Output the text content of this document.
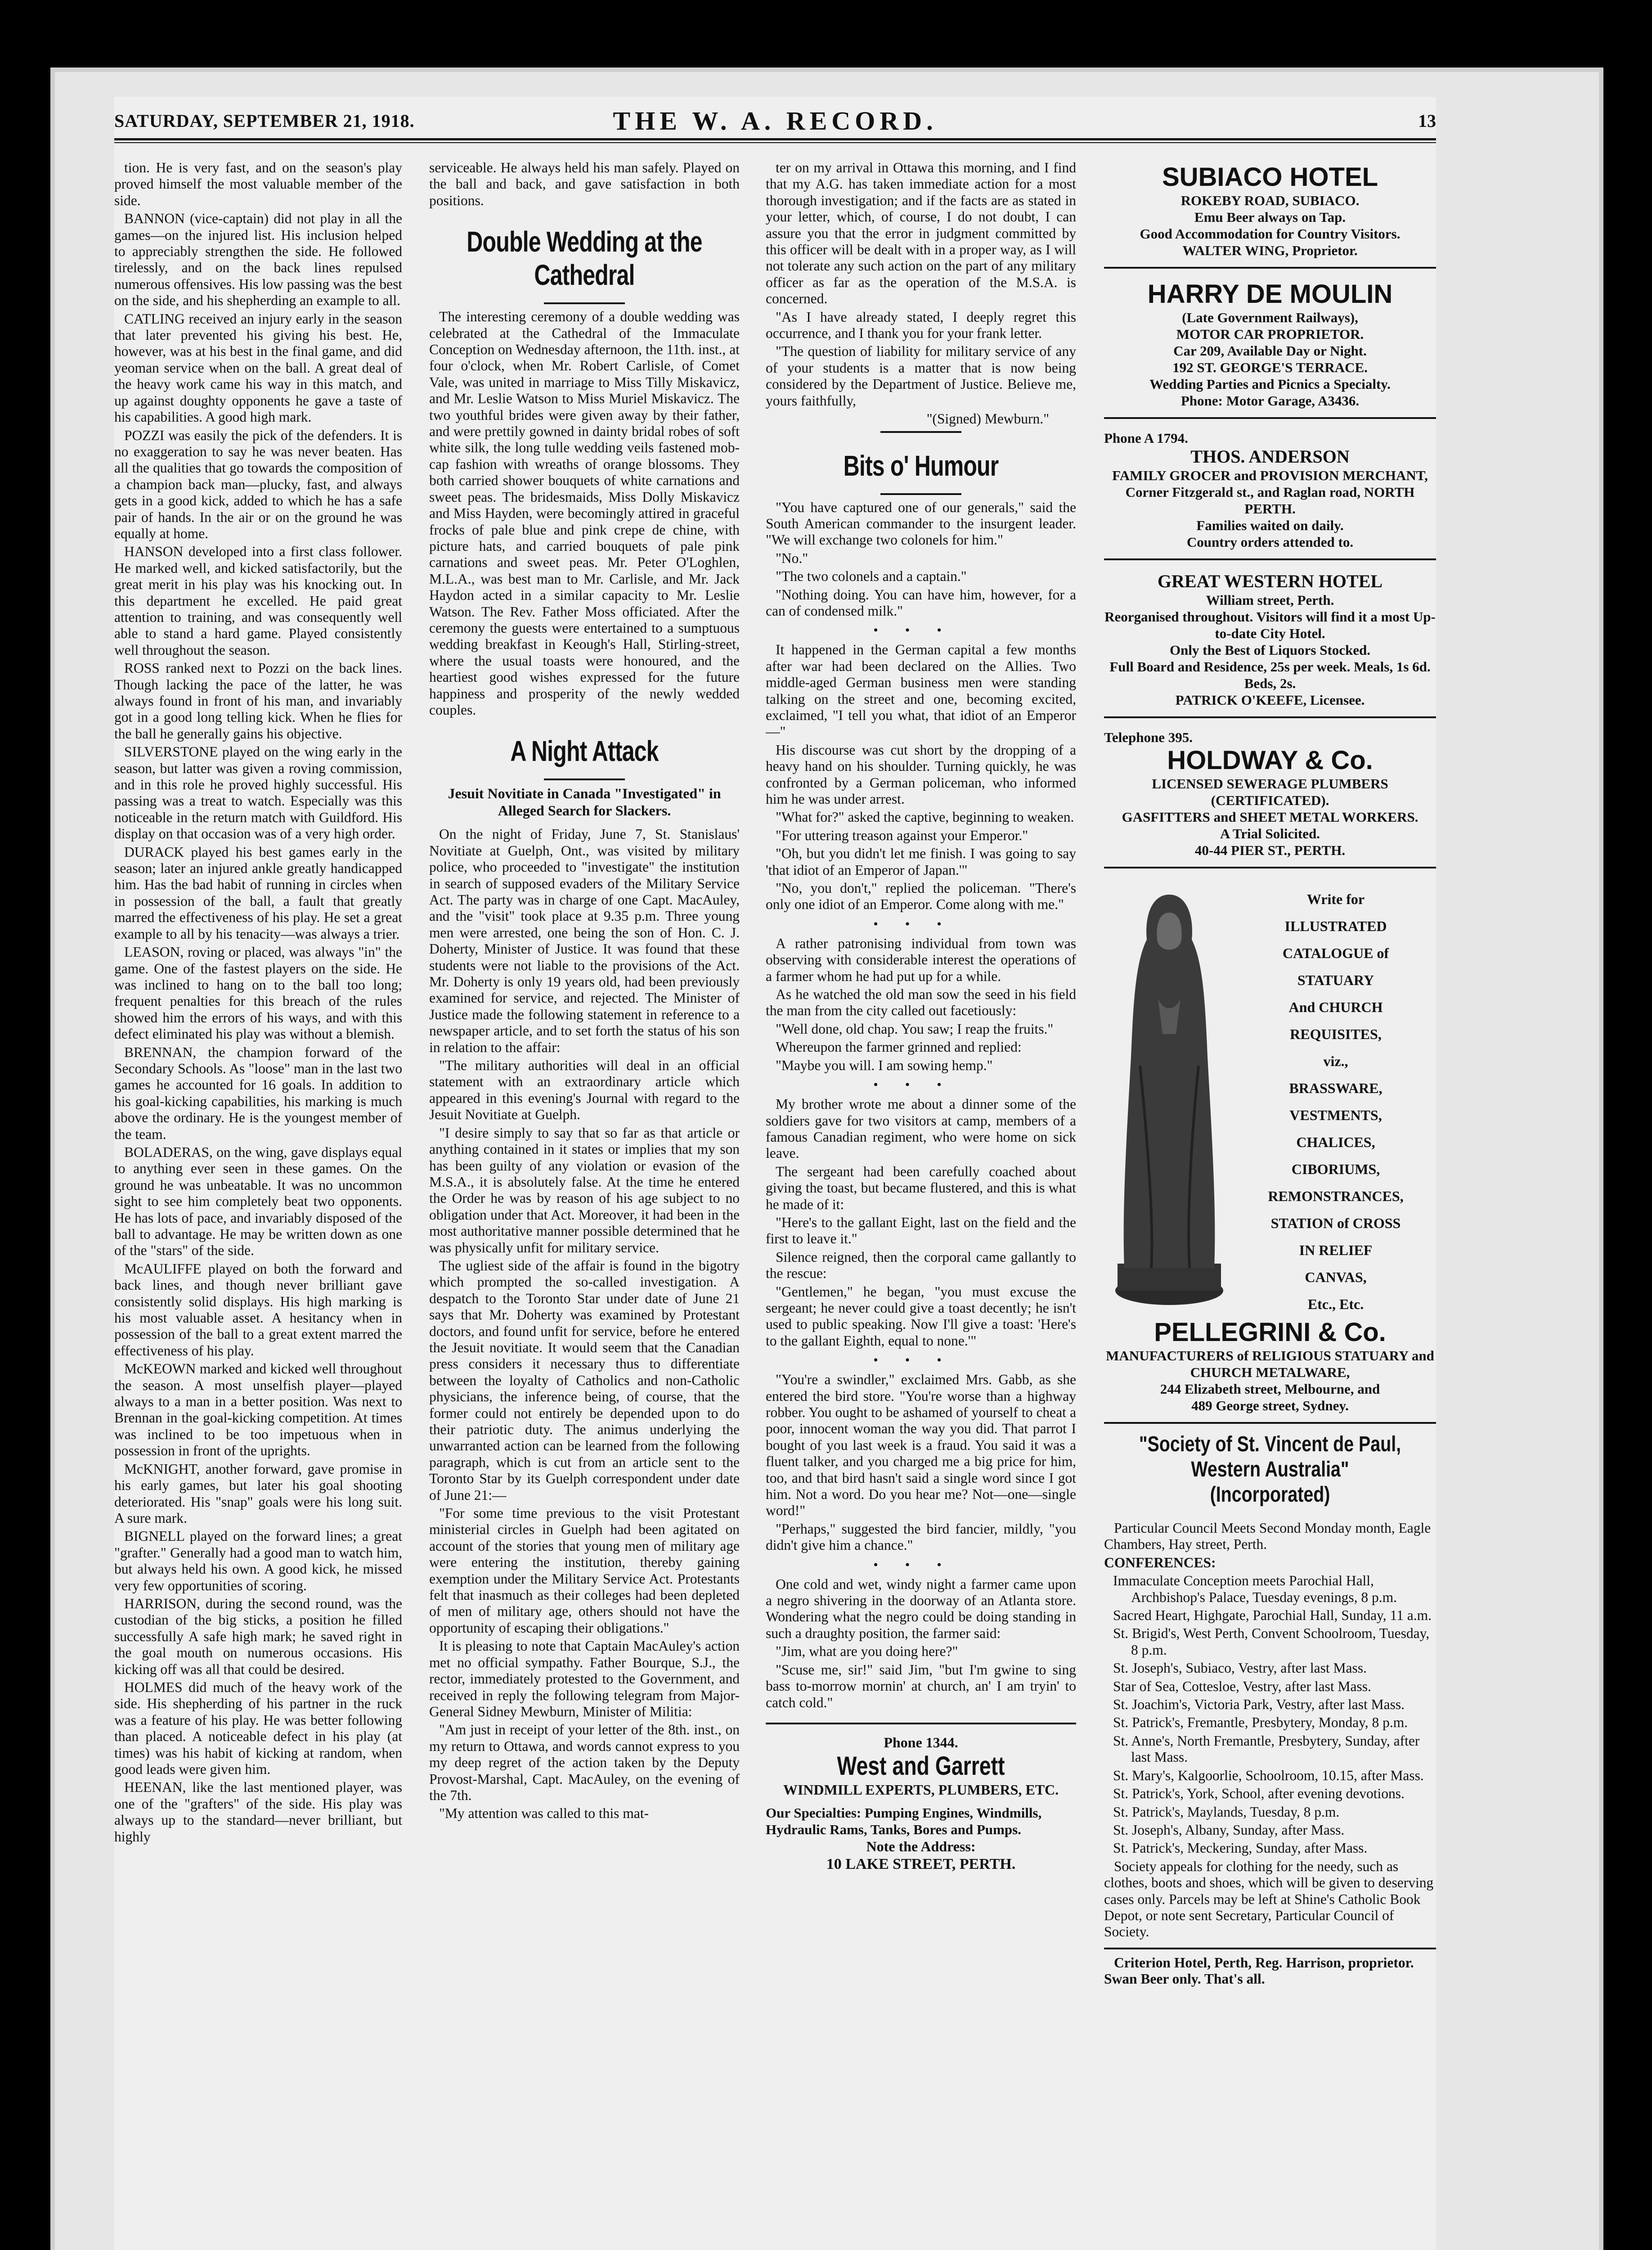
THE W. A. RECORD.
SATURDAY, SEPTEMBER 21, 1918.	13

tion. He is very fast, and on the season's play proved himself the most valuable member of the side.

BANNON (vice-captain) did not play in all the games—on the injured list. His inclusion helped to appreciably strengthen the side. He followed tirelessly, and on the back lines repulsed numerous offensives. His low passing was the best on the side, and his shepherding an example to all.

CATLING received an injury early in the season that later prevented his giving his best. He, however, was at his best in the final game, and did yeoman service when on the ball. A great deal of the heavy work came his way in this match, and up against doughty opponents he gave a taste of his capabilities. A good high mark.

POZZI was easily the pick of the defenders. It is no exaggeration to say he was never beaten. Has all the qualities that go towards the composition of a champion back man—plucky, fast, and always gets in a good kick, added to which he has a safe pair of hands. In the air or on the ground he was equally at home.

HANSON developed into a first class follower. He marked well, and kicked satisfactorily, but the great merit in his play was his knocking out. In this department he excelled. He paid great attention to training, and was consequently well able to stand a hard game. Played consistently well throughout the season.

ROSS ranked next to Pozzi on the back lines. Though lacking the pace of the latter, he was always found in front of his man, and invariably got in a good long telling kick. When he flies for the ball he generally gains his objective.

SILVERSTONE played on the wing early in the season, but latter was given a roving commission, and in this role he proved highly successful. His passing was a treat to watch. Especially was this noticeable in the return match with Guildford. His display on that occasion was of a very high order.

DURACK played his best games early in the season; later an injured ankle greatly handicapped him. Has the bad habit of running in circles when in possession of the ball, a fault that greatly marred the effectiveness of his play. He set a great example to all by his tenacity—was always a trier.

LEASON, roving or placed, was always "in" the game. One of the fastest players on the side. He was inclined to hang on to the ball too long; frequent penalties for this breach of the rules showed him the errors of his ways, and with this defect eliminated his play was without a blemish.

BRENNAN, the champion forward of the Secondary Schools. As "loose" man in the last two games he accounted for 16 goals. In addition to his goal-kicking capabilities, his marking is much above the ordinary. He is the youngest member of the team.

BOLADERAS, on the wing, gave displays equal to anything ever seen in these games. On the ground he was unbeatable. It was no uncommon sight to see him completely beat two opponents. He has lots of pace, and invariably disposed of the ball to advantage. He may be written down as one of the "stars" of the side.

McAULIFFE played on both the forward and back lines, and though never brilliant gave consistently solid displays. His high marking is his most valuable asset. A hesitancy when in possession of the ball to a great extent marred the effectiveness of his play.

McKEOWN marked and kicked well throughout the season. A most unselfish player—played always to a man in a better position. Was next to Brennan in the goal-kicking competition. At times was inclined to be too impetuous when in possession in front of the uprights.

McKNIGHT, another forward, gave promise in his early games, but later his goal shooting deteriorated. His "snap" goals were his long suit. A sure mark.

BIGNELL played on the forward lines; a great "grafter." Generally had a good man to watch him, but always held his own. A good kick, he missed very few opportunities of scoring.

HARRISON, during the second round, was the custodian of the big sticks, a position he filled successfully A safe high mark; he saved right in the goal mouth on numerous occasions. His kicking off was all that could be desired.

HOLMES did much of the heavy work of the side. His shepherding of his partner in the ruck was a feature of his play. He was better following than placed. A noticeable defect in his play (at times) was his habit of kicking at random, when good leads were given him.

HEENAN, like the last mentioned player, was one of the "grafters" of the side. His play was always up to the standard—never brilliant, but highly

serviceable. He always held his man safely. Played on the ball and back, and gave satisfaction in both positions.

Double Wedding at the Cathedral

The interesting ceremony of a double wedding was celebrated at the Cathedral of the Immaculate Conception on Wednesday afternoon, the 11th. inst., at four o'clock, when Mr. Robert Carlisle, of Comet Vale, was united in marriage to Miss Tilly Miskavicz, and Mr. Leslie Watson to Miss Muriel Miskavicz. The two youthful brides were given away by their father, and were prettily gowned in dainty bridal robes of soft white silk, the long tulle wedding veils fastened mob-cap fashion with wreaths of orange blossoms. They both carried shower bouquets of white carnations and sweet peas. The bridesmaids, Miss Dolly Miskavicz and Miss Hayden, were becomingly attired in graceful frocks of pale blue and pink crepe de chine, with picture hats, and carried bouquets of pale pink carnations and sweet peas. Mr. Peter O'Loghlen, M.L.A., was best man to Mr. Carlisle, and Mr. Jack Haydon acted in a similar capacity to Mr. Leslie Watson. The Rev. Father Moss officiated. After the ceremony the guests were entertained to a sumptuous wedding breakfast in Keough's Hall, Stirling-street, where the usual toasts were honoured, and the heartiest good wishes expressed for the future happiness and prosperity of the newly wedded couples.

A Night Attack
Jesuit Novitiate in Canada "Investigated" in Alleged Search for Slackers.

On the night of Friday, June 7, St. Stanislaus' Novitiate at Guelph, Ont., was visited by military police, who proceeded to "investigate" the institution in search of supposed evaders of the Military Service Act. The party was in charge of one Capt. MacAuley, and the "visit" took place at 9.35 p.m. Three young men were arrested, one being the son of Hon. C. J. Doherty, Minister of Justice. It was found that these students were not liable to the provisions of the Act. Mr. Doherty is only 19 years old, had been previously examined for service, and rejected. The Minister of Justice made the following statement in reference to a newspaper article, and to set forth the status of his son in relation to the affair:

"The military authorities will deal in an official statement with an extraordinary article which appeared in this evening's Journal with regard to the Jesuit Novitiate at Guelph.

"I desire simply to say that so far as that article or anything contained in it states or implies that my son has been guilty of any violation or evasion of the M.S.A., it is absolutely false. At the time he entered the Order he was by reason of his age subject to no obligation under that Act. Moreover, it had been in the most authoritative manner possible determined that he was physically unfit for military service.

The ugliest side of the affair is found in the bigotry which prompted the so-called investigation. A despatch to the Toronto Star under date of June 21 says that Mr. Doherty was examined by Protestant doctors, and found unfit for service, before he entered the Jesuit novitiate. It would seem that the Canadian press considers it necessary thus to differentiate between the loyalty of Catholics and non-Catholic physicians, the inference being, of course, that the former could not entirely be depended upon to do their patriotic duty. The animus underlying the unwarranted action can be learned from the following paragraph, which is cut from an article sent to the Toronto Star by its Guelph correspondent under date of June 21:—

"For some time previous to the visit Protestant ministerial circles in Guelph had been agitated on account of the stories that young men of military age were entering the institution, thereby gaining exemption under the Military Service Act. Protestants felt that inasmuch as their colleges had been depleted of men of military age, others should not have the opportunity of escaping their obligations."

It is pleasing to note that Captain MacAuley's action met no official sympathy. Father Bourque, S.J., the rector, immediately protested to the Government, and received in reply the following telegram from Major-General Sidney Mewburn, Minister of Militia:

"Am just in receipt of your letter of the 8th. inst., on my return to Ottawa, and words cannot express to you my deep regret of the action taken by the Deputy Provost-Marshal, Capt. MacAuley, on the evening of the 7th.

"My attention was called to this mat-

ter on my arrival in Ottawa this morning, and I find that my A.G. has taken immediate action for a most thorough investigation; and if the facts are as stated in your letter, which, of course, I do not doubt, I can assure you that the error in judgment committed by this officer will be dealt with in a proper way, as I will not tolerate any such action on the part of any military officer as far as the operation of the M.S.A. is concerned.

"As I have already stated, I deeply regret this occurrence, and I thank you for your frank letter.

"The question of liability for military service of any of your students is a matter that is now being considered by the Department of Justice. Believe me, yours faithfully,

"(Signed) Mewburn."

Bits o' Humour

"You have captured one of our generals," said the South American commander to the insurgent leader. "We will exchange two colonels for him."

"No."

"The two colonels and a captain."

"Nothing doing. You can have him, however, for a can of condensed milk."

•••

It happened in the German capital a few months after war had been declared on the Allies. Two middle-aged German business men were standing talking on the street and one, becoming excited, exclaimed, "I tell you what, that idiot of an Emperor—"

His discourse was cut short by the dropping of a heavy hand on his shoulder. Turning quickly, he was confronted by a German policeman, who informed him he was under arrest.

"What for?" asked the captive, beginning to weaken.

"For uttering treason against your Emperor."

"Oh, but you didn't let me finish. I was going to say 'that idiot of an Emperor of Japan.'"

"No, you don't," replied the policeman. "There's only one idiot of an Emperor. Come along with me."

•••

A rather patronising individual from town was observing with considerable interest the operations of a farmer whom he had put up for a while.

As he watched the old man sow the seed in his field the man from the city called out facetiously:

"Well done, old chap. You saw; I reap the fruits."

Whereupon the farmer grinned and replied:

"Maybe you will. I am sowing hemp."

•••

My brother wrote me about a dinner some of the soldiers gave for two visitors at camp, members of a famous Canadian regiment, who were home on sick leave.

The sergeant had been carefully coached about giving the toast, but became flustered, and this is what he made of it:

"Here's to the gallant Eight, last on the field and the first to leave it."

Silence reigned, then the corporal came gallantly to the rescue:

"Gentlemen," he began, "you must excuse the sergeant; he never could give a toast decently; he isn't used to public speaking. Now I'll give a toast: 'Here's to the gallant Eighth, equal to none.'"

•••

"You're a swindler," exclaimed Mrs. Gabb, as she entered the bird store. "You're worse than a highway robber. You ought to be ashamed of yourself to cheat a poor, innocent woman the way you did. That parrot I bought of you last week is a fraud. You said it was a fluent talker, and you charged me a big price for him, too, and that bird hasn't said a single word since I got him. Not a word. Do you hear me? Not—one—single word!"

"Perhaps," suggested the bird fancier, mildly, "you didn't give him a chance."

•••

One cold and wet, windy night a farmer came upon a negro shivering in the doorway of an Atlanta store. Wondering what the negro could be doing standing in such a draughty position, the farmer said:

"Jim, what are you doing here?"

"Scuse me, sir!" said Jim, "but I'm gwine to sing bass to-morrow mornin' at church, an' I am tryin' to catch cold."

Phone 1344.
West and Garrett
WINDMILL EXPERTS, PLUMBERS, ETC.
Our Specialties: Pumping Engines, Windmills, Hydraulic Rams, Tanks, Bores and Pumps.
Note the Address:
10 LAKE STREET, PERTH.
SUBIACO HOTEL
ROKEBY ROAD, SUBIACO.
Emu Beer always on Tap.
Good Accommodation for Country Visitors.
WALTER WING, Proprietor.
HARRY DE MOULIN
(Late Government Railways),
MOTOR CAR PROPRIETOR.
Car 209, Available Day or Night.
192 ST. GEORGE'S TERRACE.
Wedding Parties and Picnics a Specialty.
Phone: Motor Garage, A3436.
Phone A 1794.
THOS. ANDERSON
FAMILY GROCER and PROVISION MERCHANT,
Corner Fitzgerald st., and Raglan road, NORTH PERTH.
Families waited on daily.
Country orders attended to.
GREAT WESTERN HOTEL
William street, Perth.
Reorganised throughout. Visitors will find it a most Up-to-date City Hotel.
Only the Best of Liquors Stocked.
Full Board and Residence, 25s per week. Meals, 1s 6d. Beds, 2s.
PATRICK O'KEEFE, Licensee.
Telephone 395.
HOLDWAY & Co.
LICENSED SEWERAGE PLUMBERS (CERTIFICATED).
GASFITTERS and SHEET METAL WORKERS.
A Trial Solicited.
40-44 PIER ST., PERTH.
Write for
ILLUSTRATED
CATALOGUE of
STATUARY
And CHURCH
REQUISITES,
viz.,
BRASSWARE,
VESTMENTS,
CHALICES,
CIBORIUMS,
REMONSTRANCES,
STATION of CROSS
IN RELIEF
CANVAS,
Etc., Etc.
PELLEGRINI & Co.
MANUFACTURERS of RELIGIOUS STATUARY and CHURCH METALWARE,
244 Elizabeth street, Melbourne, and
489 George street, Sydney.
"Society of St. Vincent de Paul, Western Australia" (Incorporated)

Particular Council Meets Second Monday month, Eagle Chambers, Hay street, Perth.

CONFERENCES:

Immaculate Conception meets Parochial Hall, Archbishop's Palace, Tuesday evenings, 8 p.m.

Sacred Heart, Highgate, Parochial Hall, Sunday, 11 a.m.

St. Brigid's, West Perth, Convent Schoolroom, Tuesday, 8 p.m.

St. Joseph's, Subiaco, Vestry, after last Mass.

Star of Sea, Cottesloe, Vestry, after last Mass.

St. Joachim's, Victoria Park, Vestry, after last Mass.

St. Patrick's, Fremantle, Presbytery, Monday, 8 p.m.

St. Anne's, North Fremantle, Presbytery, Sunday, after last Mass.

St. Mary's, Kalgoorlie, Schoolroom, 10.15, after Mass.

St. Patrick's, York, School, after evening devotions.

St. Patrick's, Maylands, Tuesday, 8 p.m.

St. Joseph's, Albany, Sunday, after Mass.

St. Patrick's, Meckering, Sunday, after Mass.

Society appeals for clothing for the needy, such as clothes, boots and shoes, which will be given to deserving cases only. Parcels may be left at Shine's Catholic Book Depot, or note sent Secretary, Particular Council of Society.

Criterion Hotel, Perth, Reg. Harrison, proprietor. Swan Beer only. That's all.
